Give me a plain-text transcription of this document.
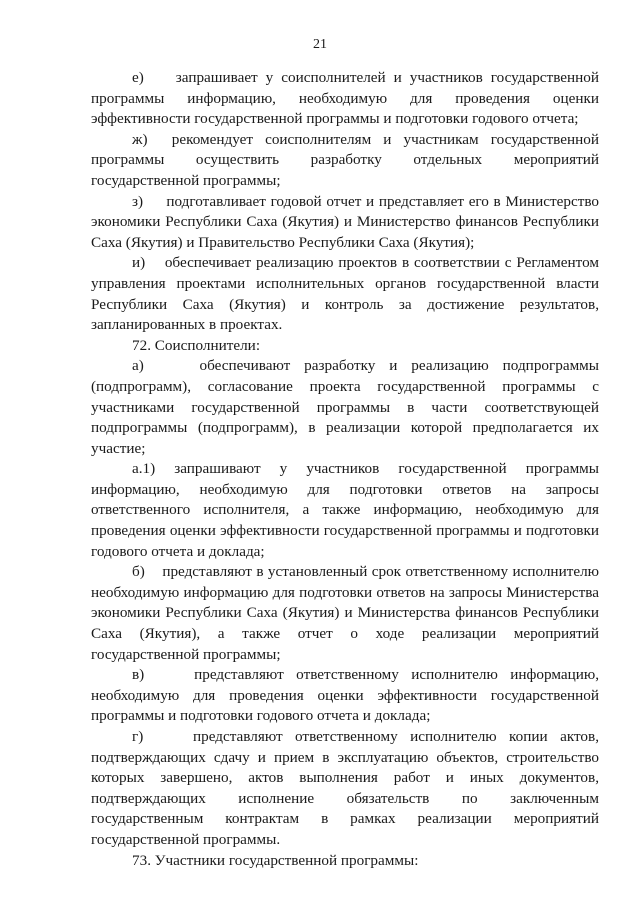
21

е)    запрашивает у соисполнителей и участников государственной программы информацию, необходимую для проведения оценки эффективности государственной программы и подготовки годового отчета;

ж)  рекомендует соисполнителям и участникам государственной программы осуществить разработку отдельных мероприятий государственной программы;

з)     подготавливает годовой отчет и представляет его в Министерство экономики Республики Саха (Якутия) и Министерство финансов Республики Саха (Якутия) и Правительство Республики Саха (Якутия);

и)    обеспечивает реализацию проектов в соответствии с Регламентом управления проектами исполнительных органов государственной власти Республики Саха (Якутия) и контроль за достижение результатов, запланированных в проектах.

72. Соисполнители:

а)    обеспечивают разработку и реализацию подпрограммы (подпрограмм), согласование проекта государственной программы с участниками государственной программы в части соответствующей подпрограммы (подпрограмм), в реализации которой предполагается их участие;

а.1) запрашивают у участников государственной программы информацию, необходимую для подготовки ответов на запросы ответственного исполнителя, а также информацию, необходимую для проведения оценки эффективности государственной программы и подготовки годового отчета и доклада;

б)    представляют в установленный срок ответственному исполнителю необходимую информацию для подготовки ответов на запросы Министерства экономики Республики Саха (Якутия) и Министерства финансов Республики Саха (Якутия), а также отчет о ходе реализации мероприятий государственной программы;

в)    представляют ответственному исполнителю информацию, необходимую для проведения оценки эффективности государственной программы и подготовки годового отчета и доклада;

г)    представляют ответственному исполнителю копии актов, подтверждающих сдачу и прием в эксплуатацию объектов, строительство которых завершено, актов выполнения работ и иных документов, подтверждающих исполнение обязательств по заключенным государственным контрактам в рамках реализации мероприятий государственной программы.

73. Участники государственной программы:
